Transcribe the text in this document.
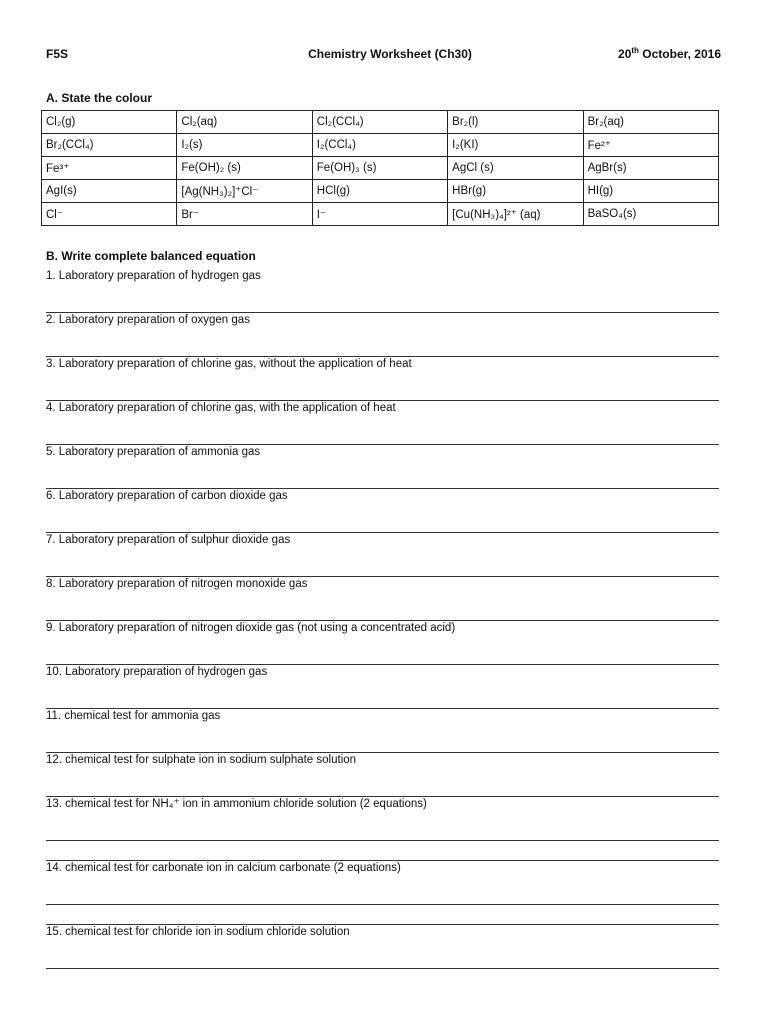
F5S	Chemistry Worksheet (Ch30)	20th October, 2016
A. State the colour
Cl₂(g)	Cl₂(aq)	Cl₂(CCl₄)	Br₂(l)	Br₂(aq)
Br₂(CCl₄)	I₂(s)	I₂(CCl₄)	I₂(KI)	Fe²⁺
Fe³⁺	Fe(OH)₂ (s)	Fe(OH)₃ (s)	AgCl (s)	AgBr(s)
AgI(s)	[Ag(NH₃)₂]⁺Cl⁻	HCl(g)	HBr(g)	HI(g)
Cl⁻	Br⁻	I⁻	[Cu(NH₃)₄]²⁺ (aq)	BaSO₄(s)
B. Write complete balanced equation
1. Laboratory preparation of hydrogen gas
2. Laboratory preparation of oxygen gas
3. Laboratory preparation of chlorine gas, without the application of heat
4. Laboratory preparation of chlorine gas, with the application of heat
5. Laboratory preparation of ammonia gas
6. Laboratory preparation of carbon dioxide gas
7. Laboratory preparation of sulphur dioxide gas
8. Laboratory preparation of nitrogen monoxide gas
9. Laboratory preparation of nitrogen dioxide gas (not using a concentrated acid)
10. Laboratory preparation of hydrogen gas
11. chemical test for ammonia gas
12. chemical test for sulphate ion in sodium sulphate solution
13. chemical test for NH₄⁺ ion in ammonium chloride solution (2 equations)
14. chemical test for carbonate ion in calcium carbonate (2 equations)
15. chemical test for chloride ion in sodium chloride solution
